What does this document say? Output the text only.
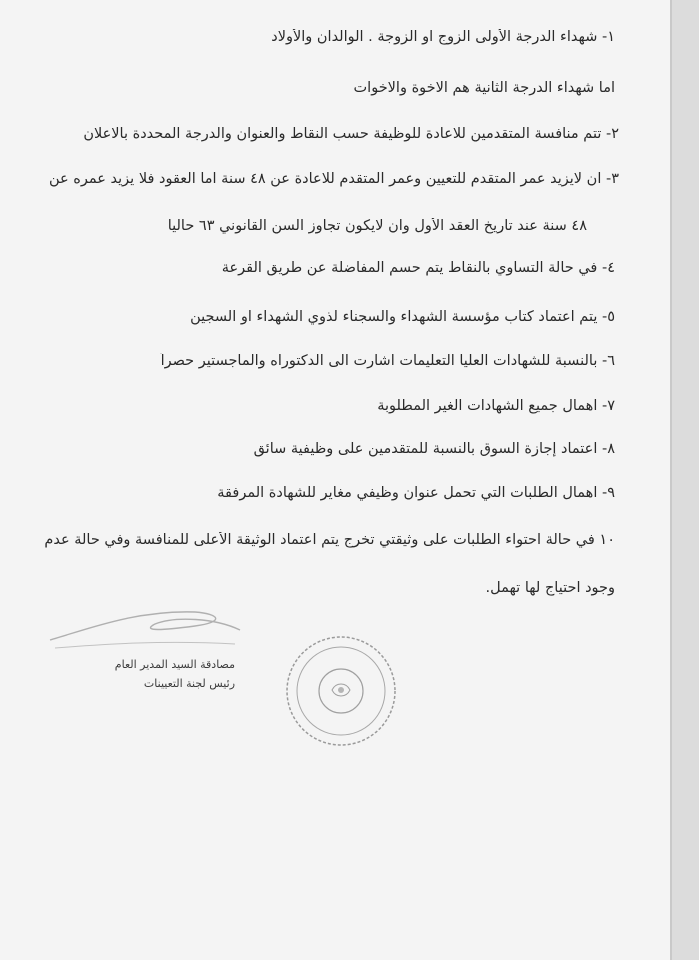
١- شهداء الدرجة الأولى الزوج او الزوجة . الوالدان والأولاد
اما شهداء الدرجة الثانية هم الاخوة والاخوات
٢- تتم منافسة المتقدمين للاعادة للوظيفة حسب النقاط والعنوان والدرجة المحددة بالاعلان
٣- ان لايزيد عمر المتقدم للتعيين وعمر المتقدم للاعادة عن ٤٨ سنة اما العقود فلا يزيد عمره عن
٤٨ سنة عند تاريخ العقد الأول وان لايكون تجاوز السن القانوني ٦٣ حاليا
٤- في حالة التساوي بالنقاط يتم حسم المفاضلة عن طريق القرعة
٥- يتم اعتماد كتاب مؤسسة الشهداء والسجناء لذوي الشهداء او السجين
٦- بالنسبة للشهادات العليا التعليمات اشارت الى الدكتوراه والماجستير حصراً
٧- اهمال جميع الشهادات الغير المطلوبة
٨- اعتماد إجازة السوق بالنسبة للمتقدمين على وظيفية سائق
٩- اهمال الطلبات التي تحمل عنوان وظيفي مغاير للشهادة المرفقة
١٠ في حالة احتواء الطلبات على وثيقتي تخرج يتم اعتماد الوثيقة الأعلى للمنافسة وفي حالة عدم
وجود احتياج لها تهمل.
مصادقة السيد المدير العام
رئيس لجنة التعيينات
